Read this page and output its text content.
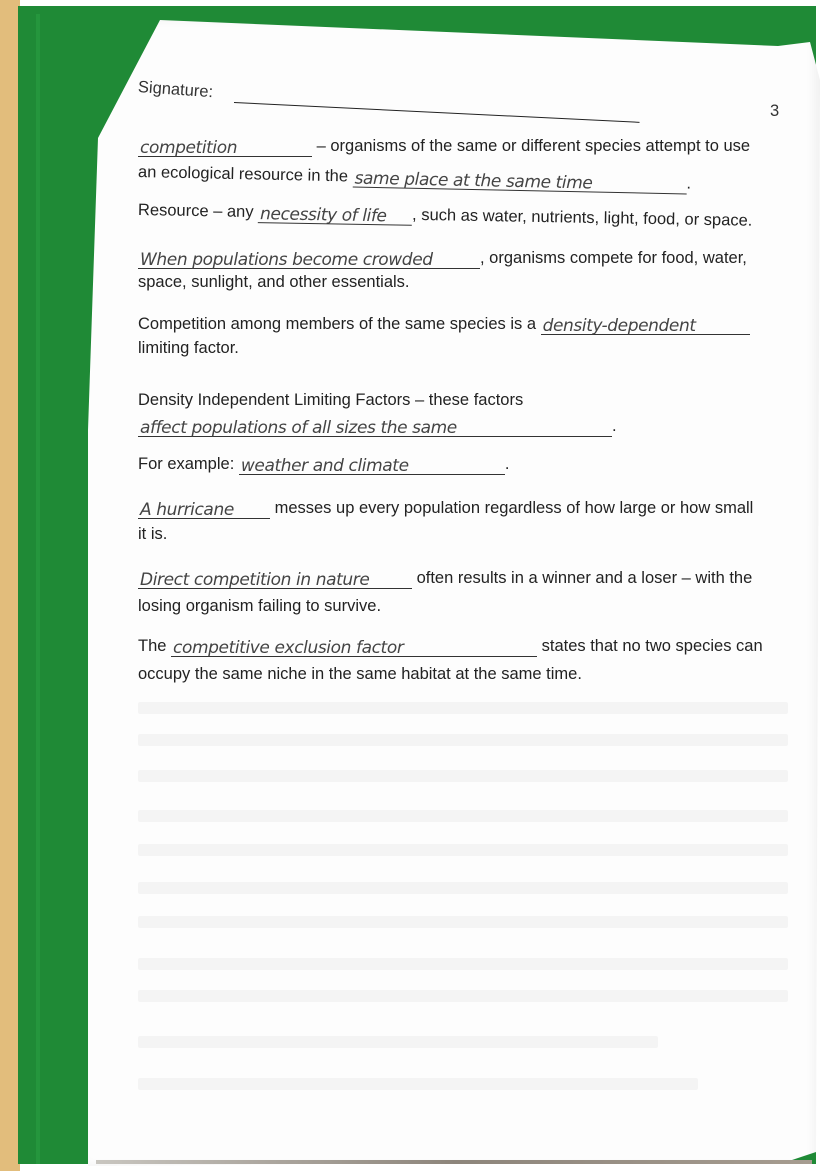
Signature:
3
competition	– organisms of the same or different species attempt to use
an ecological resource in the same place at the same time	.
Resource – any necessity of life , such as water, nutrients, light, food, or space.
When populations become crowded	, organisms compete for food, water,
space, sunlight, and other essentials.
Competition among members of the same species is a density-dependent
limiting factor.
Density Independent Limiting Factors – these factors
affect populations of all sizes the same	.
For example: weather and climate	.
A hurricane messes up every population regardless of how large or how small
it is.
Direct competition in nature	often results in a winner and a loser – with the
losing organism failing to survive.
The competitive exclusion factor	states that no two species can
occupy the same niche in the same habitat at the same time.
